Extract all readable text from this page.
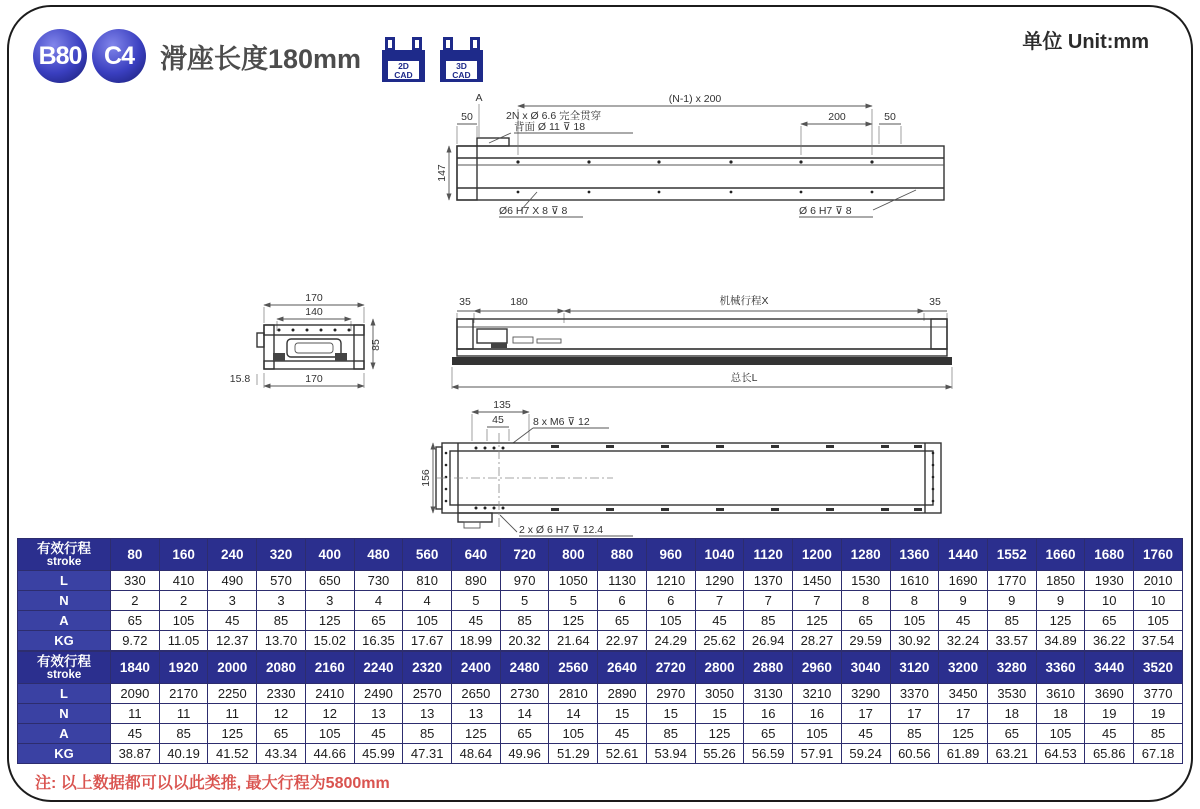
B80 C4 滑座长度180mm	2D
CAD
3D
CAD
单位 Unit:mm
(N-1) x 200
A
50	2N x Ø 6.6 完全贯穿
背面 Ø 11 ⊽ 18
200	50
147
Ø6 H7 X 8 ⊽ 8	Ø 6 H7 ⊽ 8
170
140
85
15.8	170
35	180	机械行程X	35
总长L
135
45	8 x M6 ⊽ 12
156
2 x Ø 6 H7 ⊽ 12.4
有效行程
stroke	80	160	240	320	400	480	560	640	720	800	880	960	1040	1120	1200	1280	1360	1440	1552	1660	1680	1760
L	330	410	490	570	650	730	810	890	970	1050	1130	1210	1290	1370	1450	1530	1610	1690	1770	1850	1930	2010
N	2	2	3	3	3	4	4	5	5	5	6	6	7	7	7	8	8	9	9	9	10	10
A	65	105	45	85	125	65	105	45	85	125	65	105	45	85	125	65	105	45	85	125	65	105
KG	9.72	11.05	12.37	13.70	15.02	16.35	17.67	18.99	20.32	21.64	22.97	24.29	25.62	26.94	28.27	29.59	30.92	32.24	33.57	34.89	36.22	37.54
有效行程
stroke	1840	1920	2000	2080	2160	2240	2320	2400	2480	2560	2640	2720	2800	2880	2960	3040	3120	3200	3280	3360	3440	3520
L	2090	2170	2250	2330	2410	2490	2570	2650	2730	2810	2890	2970	3050	3130	3210	3290	3370	3450	3530	3610	3690	3770
N	11	11	11	12	12	13	13	13	14	14	15	15	15	16	16	17	17	17	18	18	19	19
A	45	85	125	65	105	45	85	125	65	105	45	85	125	65	105	45	85	125	65	105	45	85
KG	38.87	40.19	41.52	43.34	44.66	45.99	47.31	48.64	49.96	51.29	52.61	53.94	55.26	56.59	57.91	59.24	60.56	61.89	63.21	64.53	65.86	67.18
注: 以上数据都可以以此类推, 最大行程为5800mm
